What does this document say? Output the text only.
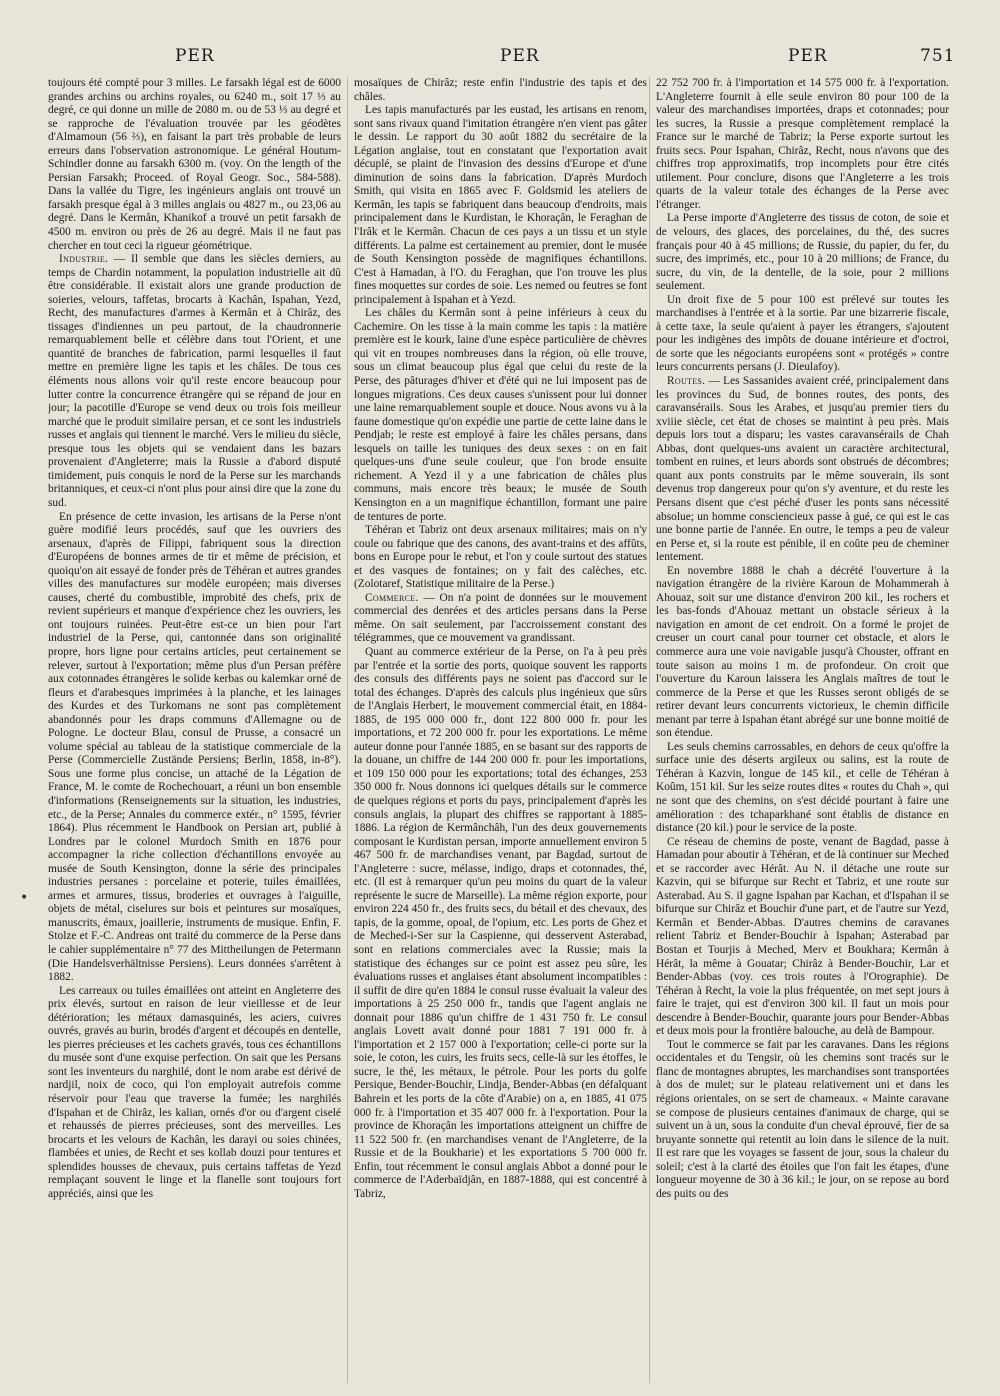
PER	PER	PER	751
•

toujours été compté pour 3 milles. Le farsakh légal est de 6000 grandes archins ou archins royales, ou 6240 m., soit 17 ⅓ au degré, ce qui donne un mille de 2080 m. ou de 53 ⅓ au degré et se rapproche de l'évaluation trouvée par les géodètes d'Almamoun (56 ⅔), en faisant la part très probable de leurs erreurs dans l'observation astronomique. Le général Houtum-Schindler donne au farsakh 6300 m. (voy. On the length of the Persian Farsakh; Proceed. of Royal Geogr. Soc., 584-588). Dans la vallée du Tigre, les ingénieurs anglais ont trouvé un farsakh presque égal à 3 milles anglais ou 4827 m., ou 23,06 au degré. Dans le Kermân, Khanikof a trouvé un petit farsakh de 4500 m. environ ou près de 26 au degré. Mais il ne faut pas chercher en tout ceci la rigueur géométrique.

Industrie. — Il semble que dans les siècles derniers, au temps de Chardin notamment, la population industrielle ait dû être considérable. Il existait alors une grande production de soieries, velours, taffetas, brocarts à Kachân, Ispahan, Yezd, Recht, des manufactures d'armes à Kermân et à Chirâz, des tissages d'indiennes un peu partout, de la chaudronnerie remarquablement belle et célèbre dans tout l'Orient, et une quantité de branches de fabrication, parmi lesquelles il faut mettre en première ligne les tapis et les châles. De tous ces éléments nous allons voir qu'il reste encore beaucoup pour lutter contre la concurrence étrangère qui se répand de jour en jour; la pacotille d'Europe se vend deux ou trois fois meilleur marché que le produit similaire persan, et ce sont les industriels russes et anglais qui tiennent le marché. Vers le milieu du siècle, presque tous les objets qui se vendaient dans les bazars provenaient d'Angleterre; mais la Russie a d'abord disputé timidement, puis conquis le nord de la Perse sur les marchands britanniques, et ceux-ci n'ont plus pour ainsi dire que la zone du sud.

En présence de cette invasion, les artisans de la Perse n'ont guère modifié leurs procédés, sauf que les ouvriers des arsenaux, d'après de Filippi, fabriquent sous la direction d'Européens de bonnes armes de tir et même de précision, et quoiqu'on ait essayé de fonder près de Téhéran et autres grandes villes des manufactures sur modèle européen; mais diverses causes, cherté du combustible, improbité des chefs, prix de revient supérieurs et manque d'expérience chez les ouvriers, les ont toujours ruinées. Peut-être est-ce un bien pour l'art industriel de la Perse, qui, cantonnée dans son originalité propre, hors ligne pour certains articles, peut certainement se relever, surtout à l'exportation; même plus d'un Persan préfère aux cotonnades étrangères le solide kerbas ou kalemkar orné de fleurs et d'arabesques imprimées à la planche, et les lainages des Kurdes et des Turkomans ne sont pas complètement abandonnés pour les draps communs d'Allemagne ou de Pologne. Le docteur Blau, consul de Prusse, a consacré un volume spécial au tableau de la statistique commerciale de la Perse (Commercielle Zustände Persiens; Berlin, 1858, in-8°). Sous une forme plus concise, un attaché de la Légation de France, M. le comte de Rochechouart, a réuni un bon ensemble d'informations (Renseignements sur la situation, les industries, etc., de la Perse; Annales du commerce extér., n° 1595, février 1864). Plus récemment le Handbook on Persian art, publié à Londres par le colonel Murdoch Smith en 1876 pour accompagner la riche collection d'échantillons envoyée au musée de South Kensington, donne la série des principales industries persanes : porcelaine et poterie, tuiles émaillées, armes et armures, tissus, broderies et ouvrages à l'aiguille, objets de métal, ciselures sur bois et peintures sur mosaïques, manuscrits, émaux, joaillerie, instruments de musique. Enfin, F. Stolze et F.-C. Andreas ont traité du commerce de la Perse dans le cahier supplémentaire n° 77 des Mittheilungen de Petermann (Die Handelsverhältnisse Persiens). Leurs données s'arrêtent à 1882.

Les carreaux ou tuiles émaillées ont atteint en Angleterre des prix élevés, surtout en raison de leur vieillesse et de leur détérioration; les métaux damasquinés, les aciers, cuivres ouvrés, gravés au burin, brodés d'argent et découpés en dentelle, les pierres précieuses et les cachets gravés, tous ces échantillons du musée sont d'une exquise perfection. On sait que les Persans sont les inventeurs du narghilé, dont le nom arabe est dérivé de nardjil, noix de coco, qui l'on employait autrefois comme réservoir pour l'eau que traverse la fumée; les narghilés d'Ispahan et de Chirâz, les kalian, ornés d'or ou d'argent ciselé et rehaussés de pierres précieuses, sont des merveilles. Les brocarts et les velours de Kachân, les darayi ou soies chinées, flambées et unies, de Recht et ses kollab douzi pour tentures et splendides housses de chevaux, puis certains taffetas de Yezd remplaçant souvent le linge et la flanelle sont toujours fort appréciés, ainsi que les

mosaïques de Chirâz; reste enfin l'industrie des tapis et des châles.

Les tapis manufacturés par les eustad, les artisans en renom, sont sans rivaux quand l'imitation étrangère n'en vient pas gâter le dessin. Le rapport du 30 août 1882 du secrétaire de la Légation anglaise, tout en constatant que l'exportation avait décuplé, se plaint de l'invasion des dessins d'Europe et d'une diminution de soins dans la fabrication. D'après Murdoch Smith, qui visita en 1865 avec F. Goldsmid les ateliers de Kermân, les tapis se fabriquent dans beaucoup d'endroits, mais principalement dans le Kurdistan, le Khoraçân, le Feraghan de l'Irâk et le Kermân. Chacun de ces pays a un tissu et un style différents. La palme est certainement au premier, dont le musée de South Kensington possède de magnifiques échantillons. C'est à Hamadan, à l'O. du Feraghan, que l'on trouve les plus fines moquettes sur cordes de soie. Les nemed ou feutres se font principalement à Ispahan et à Yezd.

Les châles du Kermân sont à peine inférieurs à ceux du Cachemire. On les tisse à la main comme les tapis : la matière première est le kourk, laine d'une espèce particulière de chèvres qui vit en troupes nombreuses dans la région, où elle trouve, sous un climat beaucoup plus égal que celui du reste de la Perse, des pâturages d'hiver et d'été qui ne lui imposent pas de longues migrations. Ces deux causes s'unissent pour lui donner une laine remarquablement souple et douce. Nous avons vu à la faune domestique qu'on expédie une partie de cette laine dans le Pendjab; le reste est employé à faire les châles persans, dans lesquels on taille les tuniques des deux sexes : on en fait quelques-uns d'une seule couleur, que l'on brode ensuite richement. A Yezd il y a une fabrication de châles plus communs, mais encore très beaux; le musée de South Kensington en a un magnifique échantillon, formant une paire de tentures de porte.

Téhéran et Tabriz ont deux arsenaux militaires; mais on n'y coule ou fabrique que des canons, des avant-trains et des affûts, bons en Europe pour le rebut, et l'on y coule surtout des statues et des vasques de fontaines; on y fait des calèches, etc. (Zolotaref, Statistique militaire de la Perse.)

Commerce. — On n'a point de données sur le mouvement commercial des denrées et des articles persans dans la Perse même. On sait seulement, par l'accroissement constant des télégrammes, que ce mouvement va grandissant.

Quant au commerce extérieur de la Perse, on l'a à peu près par l'entrée et la sortie des ports, quoique souvent les rapports des consuls des différents pays ne soient pas d'accord sur le total des échanges. D'après des calculs plus ingénieux que sûrs de l'Anglais Herbert, le mouvement commercial était, en 1884-1885, de 195 000 000 fr., dont 122 800 000 fr. pour les importations, et 72 200 000 fr. pour les exportations. Le même auteur donne pour l'année 1885, en se basant sur des rapports de la douane, un chiffre de 144 200 000 fr. pour les importations, et 109 150 000 pour les exportations; total des échanges, 253 350 000 fr. Nous donnons ici quelques détails sur le commerce de quelques régions et ports du pays, principalement d'après les consuls anglais, la plupart des chiffres se rapportant à 1885-1886. La région de Kermânchâh, l'un des deux gouvernements composant le Kurdistan persan, importe annuellement environ 5 467 500 fr. de marchandises venant, par Bagdad, surtout de l'Angleterre : sucre, mélasse, indigo, draps et cotonnades, thé, etc. (Il est à remarquer qu'un peu moins du quart de la valeur représente le sucre de Marseille). La même région exporte, pour environ 224 450 fr., des fruits secs, du bétail et des chevaux, des tapis, de la gomme, opoal, de l'opium, etc. Les ports de Ghez et de Meched-i-Ser sur la Caspienne, qui desservent Asterabad, sont en relations commerciales avec la Russie; mais la statistique des échanges sur ce point est assez peu sûre, les évaluations russes et anglaises étant absolument incompatibles : il suffit de dire qu'en 1884 le consul russe évaluait la valeur des importations à 25 250 000 fr., tandis que l'agent anglais ne donnait pour 1886 qu'un chiffre de 1 431 750 fr. Le consul anglais Lovett avait donné pour 1881 7 191 000 fr. à l'importation et 2 157 000 à l'exportation; celle-ci porte sur la soie, le coton, les cuirs, les fruits secs, celle-là sur les étoffes, le sucre, le thé, les métaux, le pétrole. Pour les ports du golfe Persique, Bender-Bouchir, Lindja, Bender-Abbas (en défalquant Bahrein et les ports de la côte d'Arabie) on a, en 1885, 41 075 000 fr. à l'importation et 35 407 000 fr. à l'exportation. Pour la province de Khoraçân les importations atteignent un chiffre de 11 522 500 fr. (en marchandises venant de l'Angleterre, de la Russie et de la Boukharie) et les exportations 5 700 000 fr. Enfin, tout récemment le consul anglais Abbot a donné pour le commerce de l'Aderbaïdjân, en 1887-1888, qui est concentré à Tabriz,

22 752 700 fr. à l'importation et 14 575 000 fr. à l'exportation. L'Angleterre fournit à elle seule environ 80 pour 100 de la valeur des marchandises importées, draps et cotonnades; pour les sucres, la Russie a presque complètement remplacé la France sur le marché de Tabriz; la Perse exporte surtout les fruits secs. Pour Ispahan, Chirâz, Recht, nous n'avons que des chiffres trop approximatifs, trop incomplets pour être cités utilement. Pour conclure, disons que l'Angleterre a les trois quarts de la valeur totale des échanges de la Perse avec l'étranger.

La Perse importe d'Angleterre des tissus de coton, de soie et de velours, des glaces, des porcelaines, du thé, des sucres français pour 40 à 45 millions; de Russie, du papier, du fer, du sucre, des imprimés, etc., pour 10 à 20 millions; de France, du sucre, du vin, de la dentelle, de la soie, pour 2 millions seulement.

Un droit fixe de 5 pour 100 est prélevé sur toutes les marchandises à l'entrée et à la sortie. Par une bizarrerie fiscale, à cette taxe, la seule qu'aient à payer les étrangers, s'ajoutent pour les indigènes des impôts de douane intérieure et d'octroi, de sorte que les négociants européens sont « protégés » contre leurs concurrents persans (J. Dieulafoy).

Routes. — Les Sassanides avaient créé, principalement dans les provinces du Sud, de bonnes routes, des ponts, des caravansérails. Sous les Arabes, et jusqu'au premier tiers du xviiie siècle, cet état de choses se maintint à peu près. Mais depuis lors tout a disparu; les vastes caravansérails de Chah Abbas, dont quelques-uns avaient un caractère architectural, tombent en ruines, et leurs abords sont obstrués de décombres; quant aux ponts construits par le même souverain, ils sont devenus trop dangereux pour qu'on s'y aventure, et du reste les Persans disent que c'est péché d'user les ponts sans nécessité absolue; un homme consciencieux passe à gué, ce qui est le cas une bonne partie de l'année. En outre, le temps a peu de valeur en Perse et, si la route est pénible, il en coûte peu de cheminer lentement.

En novembre 1888 le chah a décrété l'ouverture à la navigation étrangère de la rivière Karoun de Mohammerah à Ahouaz, soit sur une distance d'environ 200 kil., les rochers et les bas-fonds d'Ahouaz mettant un obstacle sérieux à la navigation en amont de cet endroit. On a formé le projet de creuser un court canal pour tourner cet obstacle, et alors le commerce aura une voie navigable jusqu'à Chouster, offrant en toute saison au moins 1 m. de profondeur. On croit que l'ouverture du Karoun laissera les Anglais maîtres de tout le commerce de la Perse et que les Russes seront obligés de se retirer devant leurs concurrents victorieux, le chemin difficile menant par terre à Ispahan étant abrégé sur une bonne moitié de son étendue.

Les seuls chemins carrossables, en dehors de ceux qu'offre la surface unie des déserts argileux ou salins, est la route de Téhéran à Kazvin, longue de 145 kil., et celle de Téhéran à Koûm, 151 kil. Sur les seize routes dites « routes du Chah », qui ne sont que des chemins, on s'est décidé pourtant à faire une amélioration : des tchaparkhané sont établis de distance en distance (20 kil.) pour le service de la poste.

Ce réseau de chemins de poste, venant de Bagdad, passe à Hamadan pour aboutir à Téhéran, et de là continuer sur Meched et se raccorder avec Hérât. Au N. il détache une route sur Kazvin, qui se bifurque sur Recht et Tabriz, et une route sur Asterabad. Au S. il gagne Ispahan par Kachan, et d'Ispahan il se bifurque sur Chirâz et Bouchir d'une part, et de l'autre sur Yezd, Kermân et Bender-Abbas. D'autres chemins de caravanes relient Tabriz et Bender-Bouchir à Ispahan; Asterabad par Bostan et Tourjis à Meched, Merv et Boukhara; Kermân à Hérât, la même à Gouatar; Chirâz à Bender-Bouchir, Lar et Bender-Abbas (voy. ces trois routes à l'Orographie). De Téhéran à Recht, la voie la plus fréquentée, on met sept jours à faire le trajet, qui est d'environ 300 kil. Il faut un mois pour descendre à Bender-Bouchir, quarante jours pour Bender-Abbas et deux mois pour la frontière balouche, au delà de Bampour.

Tout le commerce se fait par les caravanes. Dans les régions occidentales et du Tengsir, où les chemins sont tracés sur le flanc de montagnes abruptes, les marchandises sont transportées à dos de mulet; sur le plateau relativement uni et dans les régions orientales, on se sert de chameaux. « Mainte caravane se compose de plusieurs centaines d'animaux de charge, qui se suivent un à un, sous la conduite d'un cheval éprouvé, fier de sa bruyante sonnette qui retentit au loin dans le silence de la nuit. Il est rare que les voyages se fassent de jour, sous la chaleur du soleil; c'est à la clarté des étoiles que l'on fait les étapes, d'une longueur moyenne de 30 à 36 kil.; le jour, on se repose au bord des puits ou des
